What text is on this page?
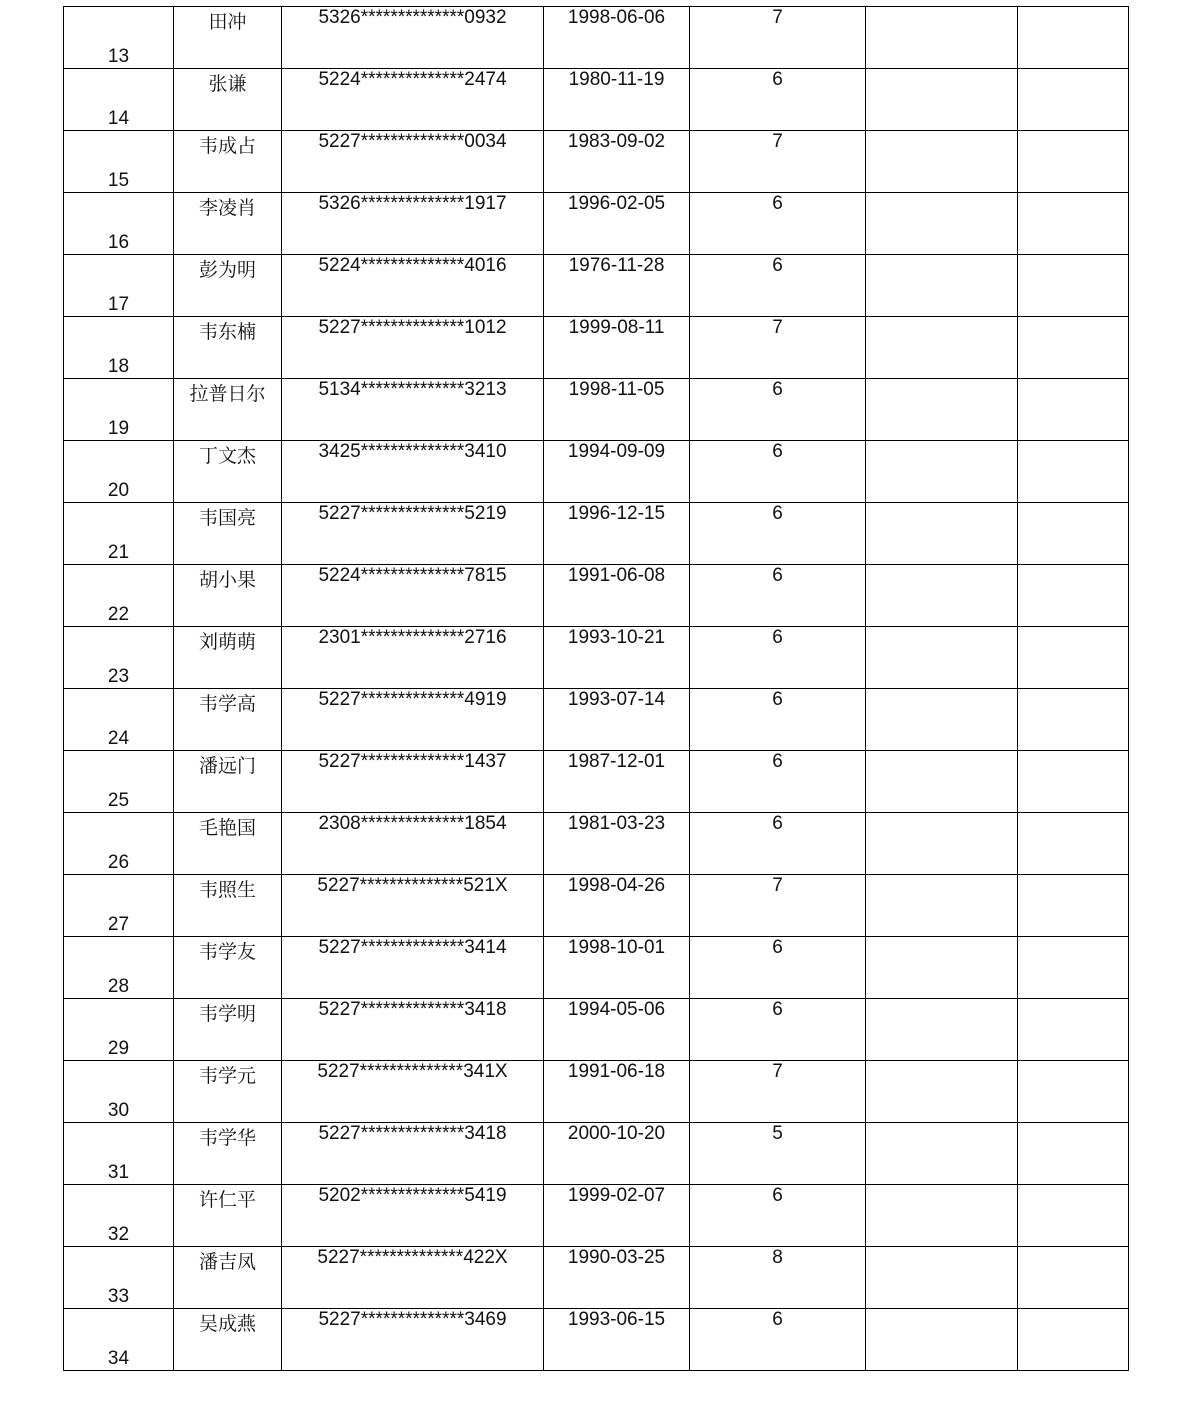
13	田冲	5326**************0932	1998-06-06	7		
14	张谦	5224**************2474	1980-11-19	6		
15	韦成占	5227**************0034	1983-09-02	7		
16	李凌肖	5326**************1917	1996-02-05	6		
17	彭为明	5224**************4016	1976-11-28	6		
18	韦东楠	5227**************1012	1999-08-11	7		
19	拉普日尔	5134**************3213	1998-11-05	6		
20	丁文杰	3425**************3410	1994-09-09	6		
21	韦国亮	5227**************5219	1996-12-15	6		
22	胡小果	5224**************7815	1991-06-08	6		
23	刘萌萌	2301**************2716	1993-10-21	6		
24	韦学高	5227**************4919	1993-07-14	6		
25	潘远门	5227**************1437	1987-12-01	6		
26	毛艳国	2308**************1854	1981-03-23	6		
27	韦照生	5227**************521X	1998-04-26	7		
28	韦学友	5227**************3414	1998-10-01	6		
29	韦学明	5227**************3418	1994-05-06	6		
30	韦学元	5227**************341X	1991-06-18	7		
31	韦学华	5227**************3418	2000-10-20	5		
32	许仁平	5202**************5419	1999-02-07	6		
33	潘吉凤	5227**************422X	1990-03-25	8		
34	吴成燕	5227**************3469	1993-06-15	6		
